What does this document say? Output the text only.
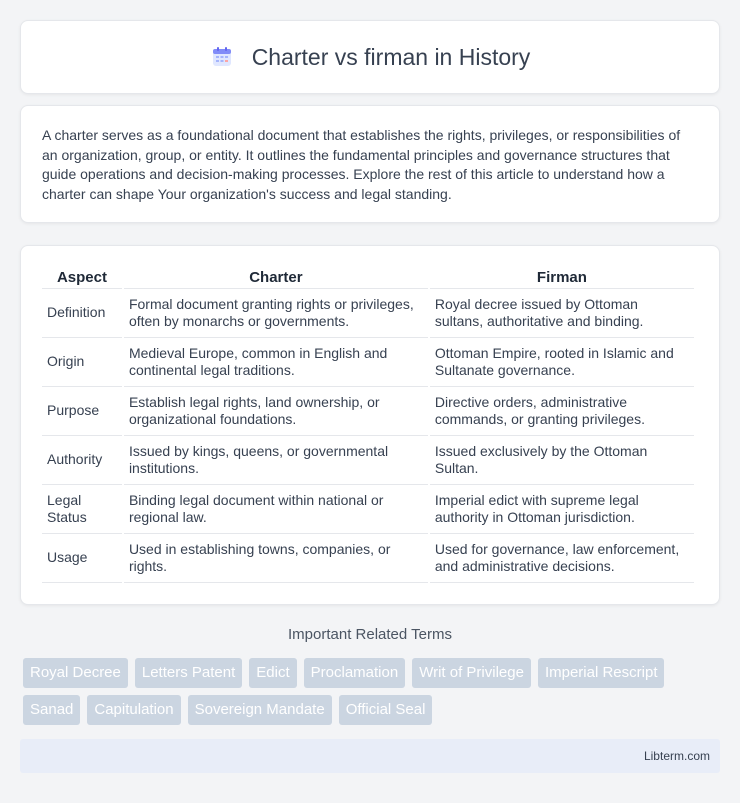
Charter vs firman in History

A charter serves as a foundational document that establishes the rights, privileges, or responsibilities of an organization, group, or entity. It outlines the fundamental principles and governance structures that guide operations and decision-making processes. Explore the rest of this article to understand how a charter can shape Your organization's success and legal standing.

Aspect	Charter	Firman
Definition	Formal document granting rights or privileges, often by monarchs or governments.	Royal decree issued by Ottoman sultans, authoritative and binding.
Origin	Medieval Europe, common in English and continental legal traditions.	Ottoman Empire, rooted in Islamic and Sultanate governance.
Purpose	Establish legal rights, land ownership, or organizational foundations.	Directive orders, administrative commands, or granting privileges.
Authority	Issued by kings, queens, or governmental institutions.	Issued exclusively by the Ottoman Sultan.
Legal Status	Binding legal document within national or regional law.	Imperial edict with supreme legal authority in Ottoman jurisdiction.
Usage	Used in establishing towns, companies, or rights.	Used for governance, law enforcement, and administrative decisions.
Important Related Terms
Royal Decree	Letters Patent	Edict	Proclamation	Writ of Privilege	Imperial Rescript
Sanad	Capitulation	Sovereign Mandate	Official Seal
Libterm.com
